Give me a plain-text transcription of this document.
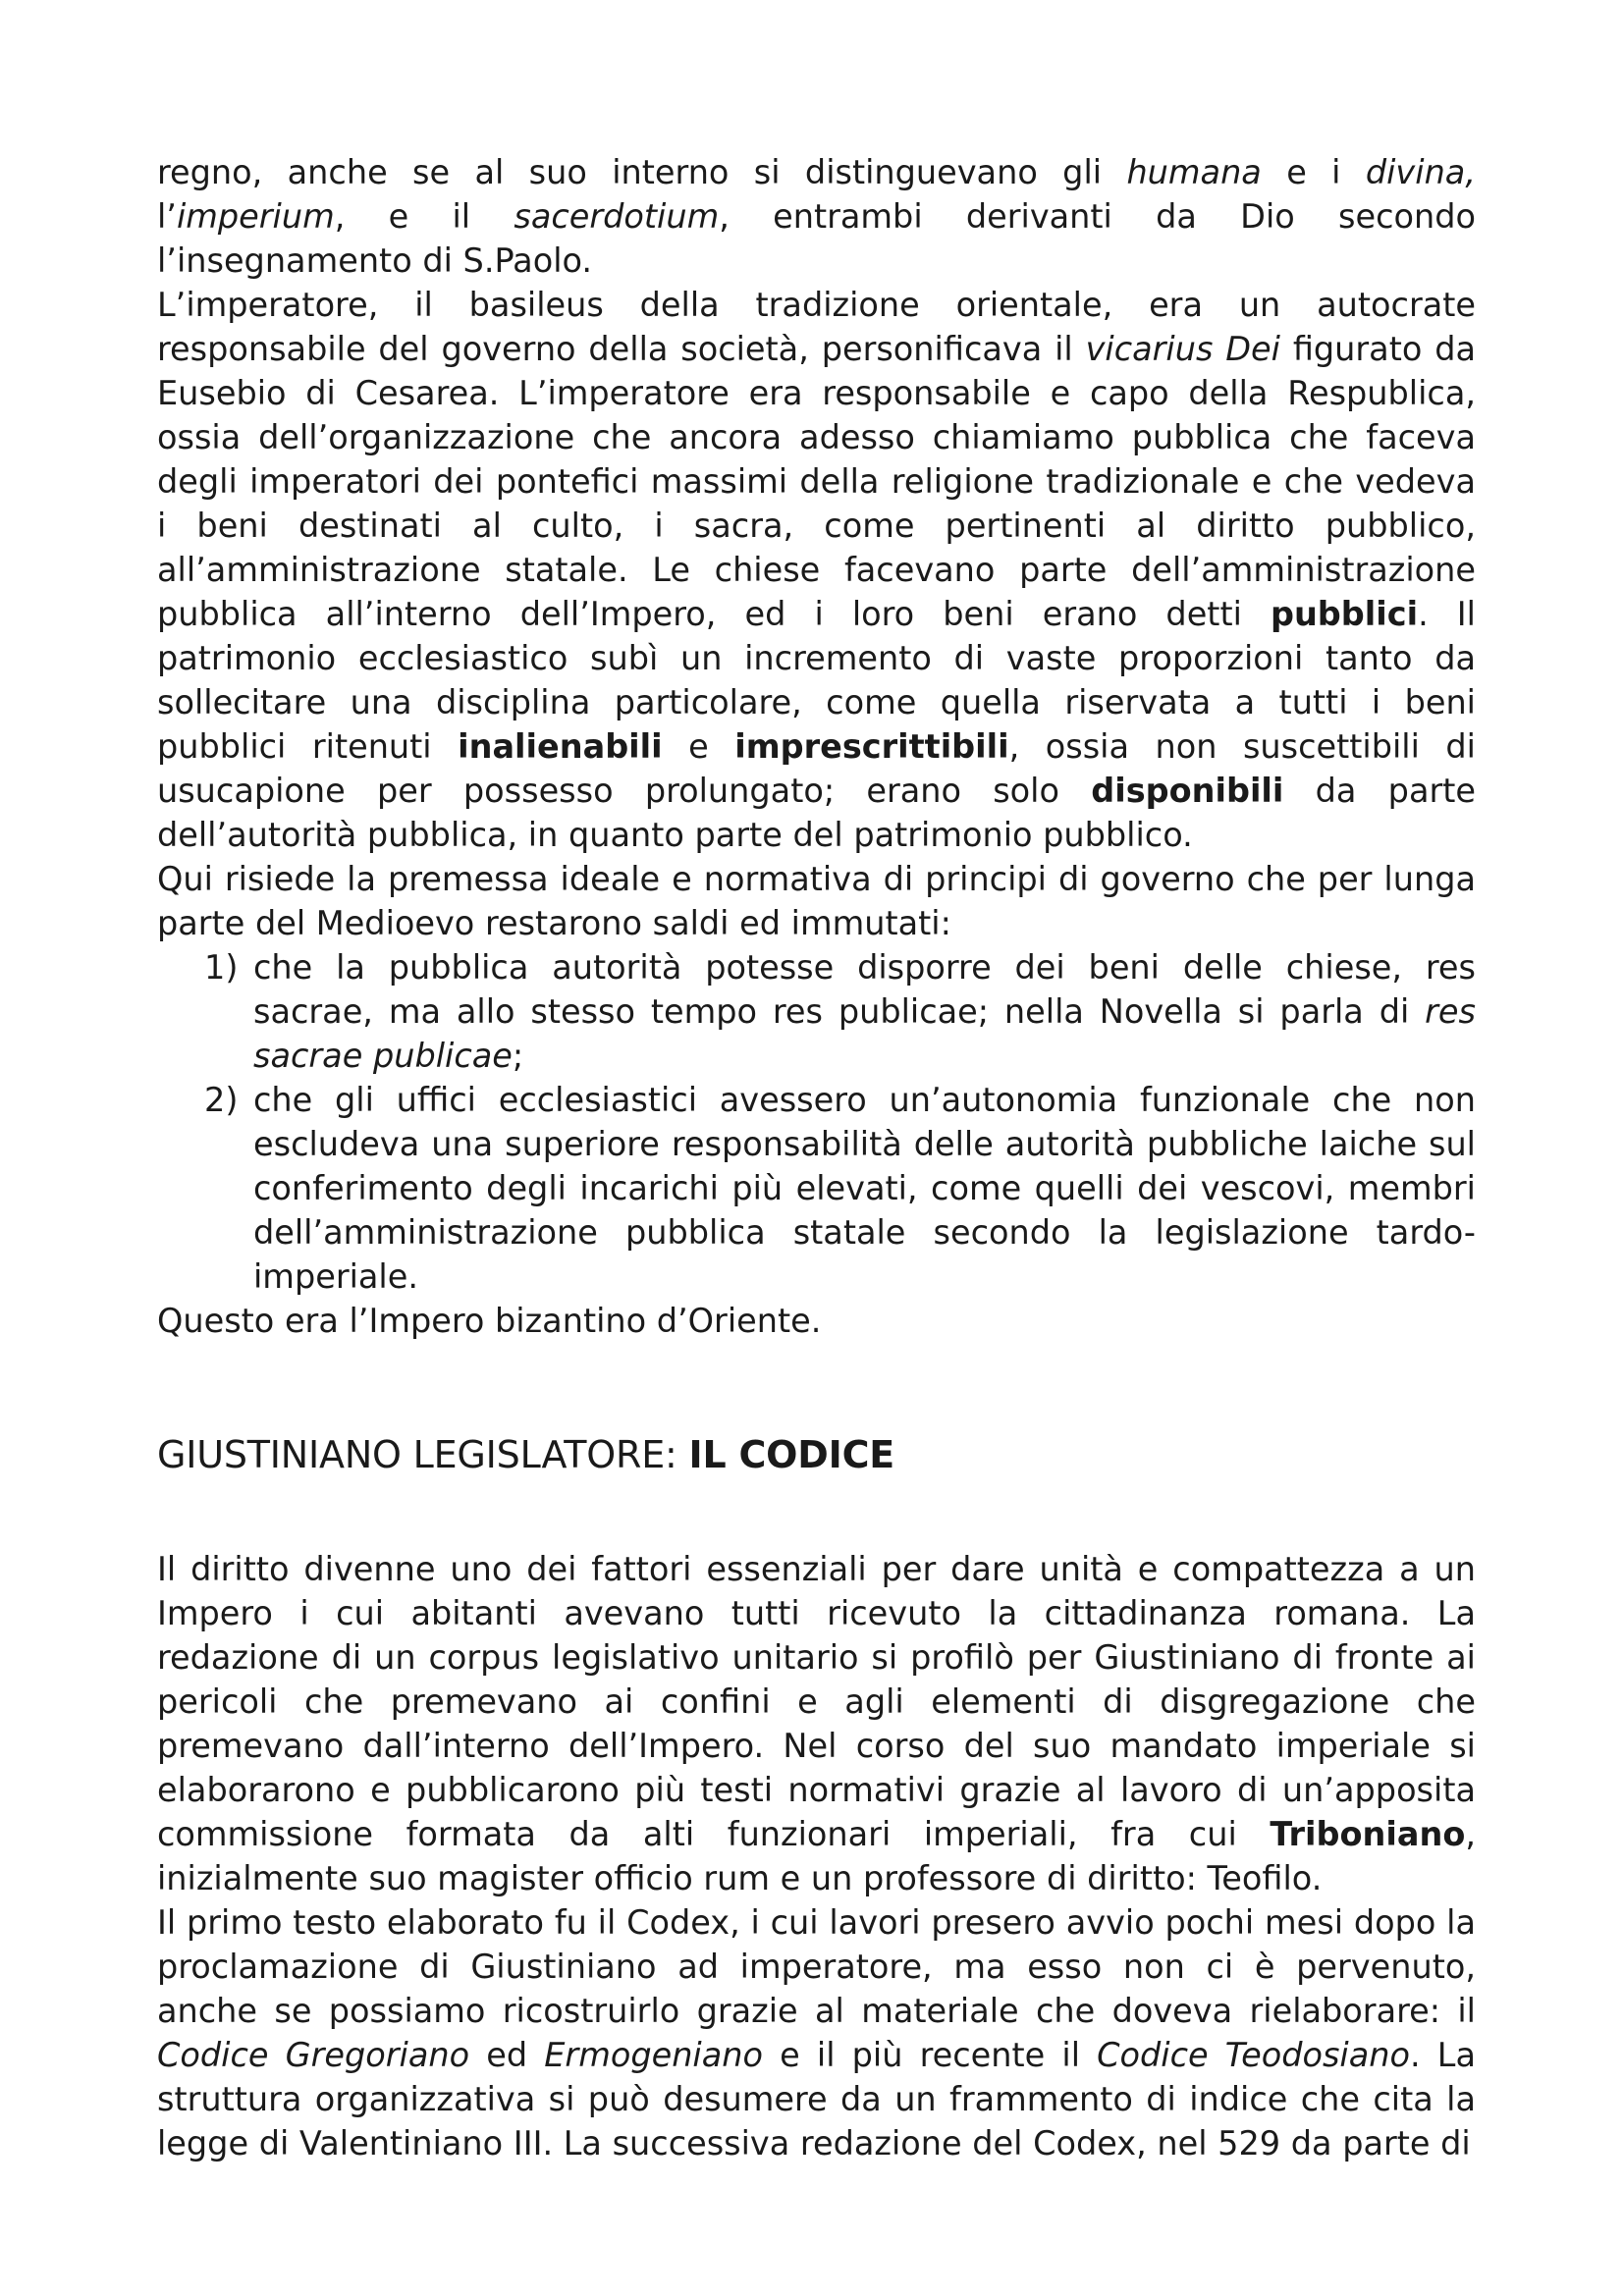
regno, anche se al suo interno si distinguevano gli humana e i divina, l’imperium, e il sacerdotium, entrambi derivanti da Dio secondo l’insegnamento di S.Paolo.

L’imperatore, il basileus della tradizione orientale, era un autocrate responsabile del governo della società, personificava il vicarius Dei figurato da Eusebio di Cesarea. L’imperatore era responsabile e capo della Respublica, ossia dell’organizzazione che ancora adesso chiamiamo pubblica che faceva degli imperatori dei pontefici massimi della religione tradizionale e che vedeva i beni destinati al culto, i sacra, come pertinenti al diritto pubblico, all’amministrazione statale. Le chiese facevano parte dell’amministrazione pubblica all’interno dell’Impero, ed i loro beni erano detti pubblici. Il patrimonio ecclesiastico subì un incremento di vaste proporzioni tanto da sollecitare una disciplina particolare, come quella riservata a tutti i beni pubblici ritenuti inalienabili e imprescrittibili, ossia non suscettibili di usucapione per possesso prolungato; erano solo disponibili da parte dell’autorità pubblica, in quanto parte del patrimonio pubblico.

Qui risiede la premessa ideale e normativa di principi di governo che per lunga parte del Medioevo restarono saldi ed immutati:

1) che la pubblica autorità potesse disporre dei beni delle chiese, res sacrae, ma allo stesso tempo res publicae; nella Novella si parla di res sacrae publicae;
2) che gli uffici ecclesiastici avessero un’autonomia funzionale che non escludeva una superiore responsabilità delle autorità pubbliche laiche sul conferimento degli incarichi più elevati, come quelli dei vescovi, membri dell’amministrazione pubblica statale secondo la legislazione tardo-imperiale.

Questo era l’Impero bizantino d’Oriente.

GIUSTINIANO LEGISLATORE: IL CODICE

Il diritto divenne uno dei fattori essenziali per dare unità e compattezza a un Impero i cui abitanti avevano tutti ricevuto la cittadinanza romana. La redazione di un corpus legislativo unitario si profilò per Giustiniano di fronte ai pericoli che premevano ai confini e agli elementi di disgregazione che premevano dall’interno dell’Impero. Nel corso del suo mandato imperiale si elaborarono e pubblicarono più testi normativi grazie al lavoro di un’apposita commissione formata da alti funzionari imperiali, fra cui Triboniano, inizialmente suo magister officio rum e un professore di diritto: Teofilo.

Il primo testo elaborato fu il Codex, i cui lavori presero avvio pochi mesi dopo la proclamazione di Giustiniano ad imperatore, ma esso non ci è pervenuto, anche se possiamo ricostruirlo grazie al materiale che doveva rielaborare: il Codice Gregoriano ed Ermogeniano e il più recente il Codice Teodosiano. La struttura organizzativa si può desumere da un frammento di indice che cita la legge di Valentiniano III. La successiva redazione del Codex, nel 529 da parte di
